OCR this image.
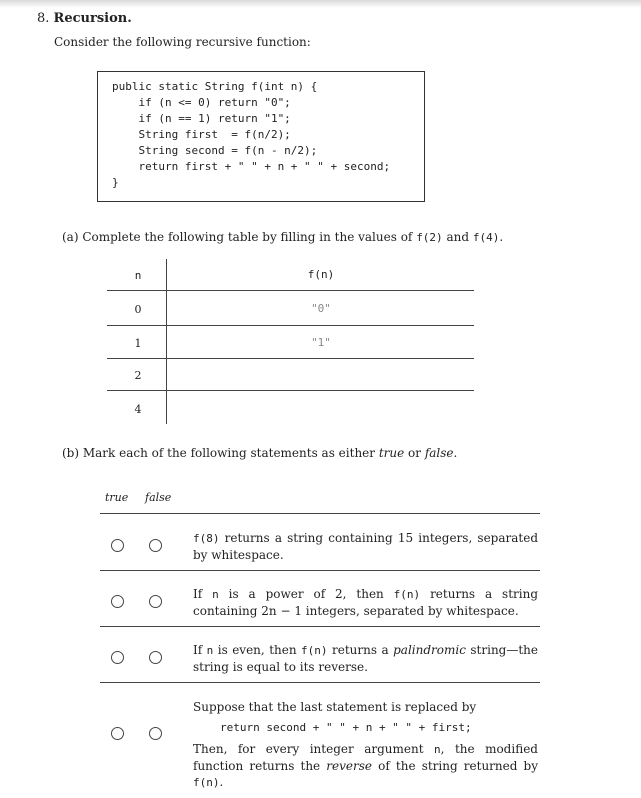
8. Recursion.
Consider the following recursive function:
public static String f(int n) {
if (n <= 0) return "0";
if (n == 1) return "1";
String first  = f(n/2);
String second = f(n - n/2);
return first + " " + n + " " + second;
}
(a) Complete the following table by filling in the values of f(2) and f(4).
n	f(n)
0	"0"
1	"1"
2
4
(b) Mark each of the following statements as either true or false.
true false
f(8) returns a string containing 15 integers, separated by whitespace.
If n is a power of 2, then f(n) returns a string containing 2n − 1 integers, separated by whitespace.
If n is even, then f(n) returns a palindromic string—the string is equal to its reverse.
Suppose that the last statement is replaced by
return second + " " + n + " " + first;
Then, for every integer argument n, the modified function returns the reverse of the string returned by f(n).
